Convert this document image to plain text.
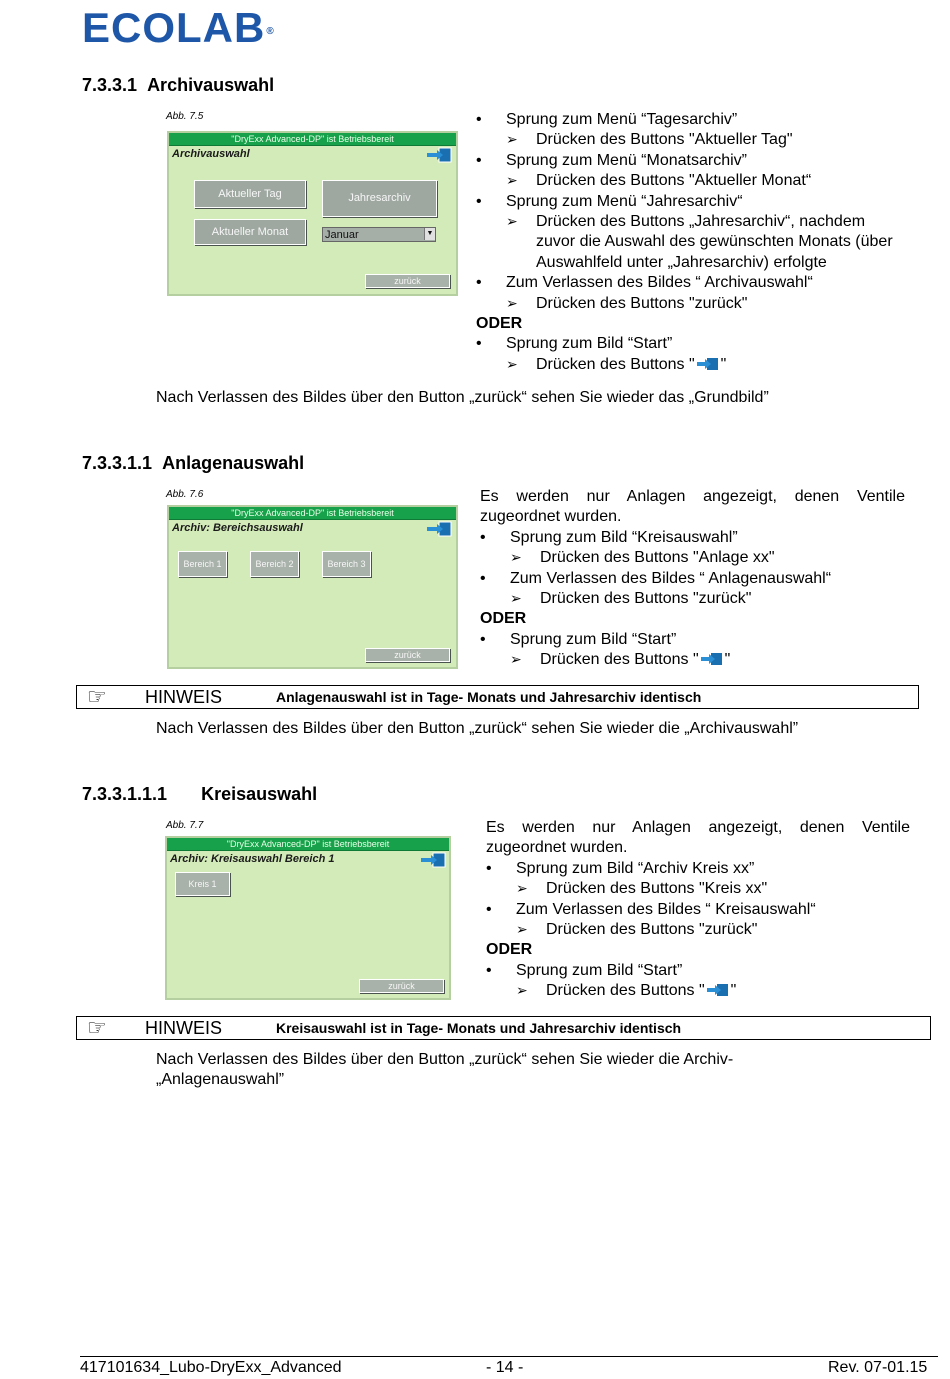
ECOLAB®
7.3.3.1 Archivauswahl
Abb. 7.5
"DryExx Advanced-DP" ist Betriebsbereit
Archivauswahl
Aktueller Tag
Aktueller Monat
Jahresarchiv
Januar	▼
zurück
• Sprung zum Menü “Tagesarchiv”
➢ Drücken des Buttons "Aktueller Tag"
• Sprung zum Menü “Monatsarchiv”
➢ Drücken des Buttons "Aktueller Monat“
• Sprung zum Menü “Jahresarchiv“
➢ Drücken des Buttons „Jahresarchiv“, nachdem zuvor die Auswahl des gewünschten Monats (über Auswahlfeld unter „Jahresarchiv) erfolgte
• Zum Verlassen des Bildes “ Archivauswahl“
➢ Drücken des Buttons "zurück"
ODER
• Sprung zum Bild “Start”
➢ Drücken des Buttons " "
Nach Verlassen des Bildes über den Button „zurück“ sehen Sie wieder das „Grundbild”
7.3.3.1.1 Anlagenauswahl
Abb. 7.6
"DryExx Advanced-DP" ist Betriebsbereit
Archiv: Bereichsauswahl
Bereich 1	Bereich 2	Bereich 3
zurück
Es werden nur Anlagen angezeigt, denen Ventile
zugeordnet wurden.
• Sprung zum Bild “Kreisauswahl”
➢ Drücken des Buttons "Anlage xx"
• Zum Verlassen des Bildes “ Anlagenauswahl“
➢ Drücken des Buttons "zurück"
ODER
• Sprung zum Bild “Start”
➢ Drücken des Buttons " "
☞ HINWEIS	Anlagenauswahl ist in Tage- Monats und Jahresarchiv identisch
Nach Verlassen des Bildes über den Button „zurück“ sehen Sie wieder die „Archivauswahl”
7.3.3.1.1.1 Kreisauswahl
Abb. 7.7
"DryExx Advanced-DP" ist Betriebsbereit
Archiv: Kreisauswahl Bereich 1
Kreis 1
zurück
Es werden nur Anlagen angezeigt, denen Ventile
zugeordnet wurden.
• Sprung zum Bild “Archiv Kreis xx”
➢ Drücken des Buttons "Kreis xx"
• Zum Verlassen des Bildes “ Kreisauswahl“
➢ Drücken des Buttons "zurück"
ODER
• Sprung zum Bild “Start”
➢ Drücken des Buttons " "
☞ HINWEIS	Kreisauswahl ist in Tage- Monats und Jahresarchiv identisch
Nach Verlassen des Bildes über den Button „zurück“ sehen Sie wieder die Archiv-
„Anlagenauswahl”
417101634_Lubo-DryExx_Advanced	- 14 -	Rev. 07-01.15
